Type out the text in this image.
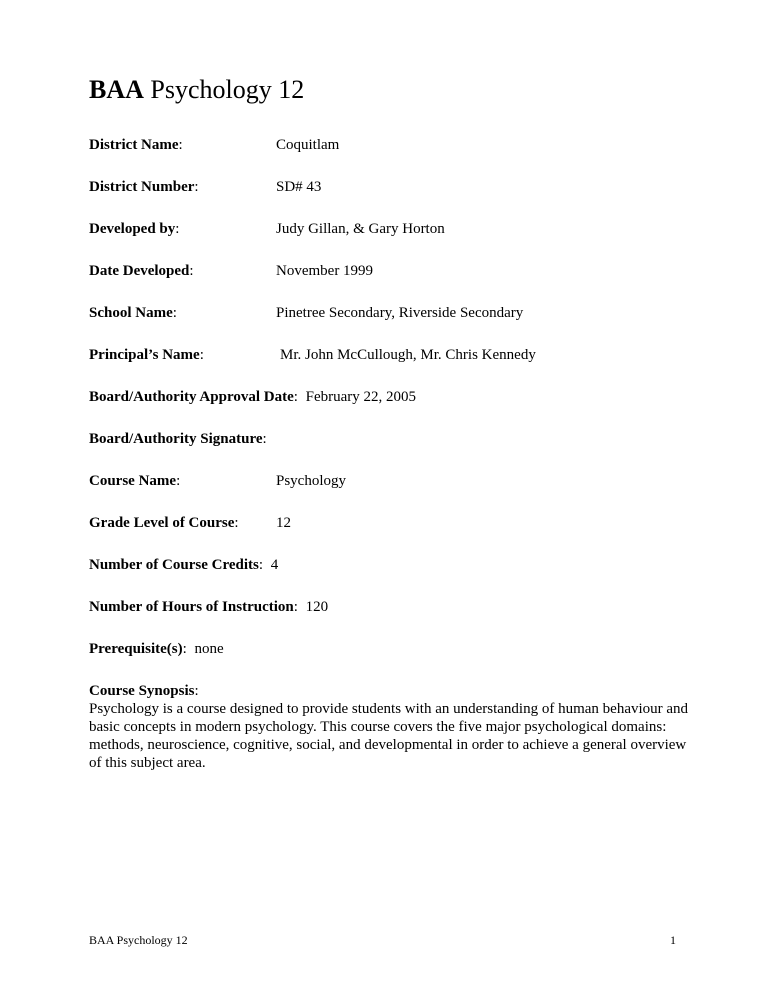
BAA Psychology 12
District Name:	Coquitlam
District Number:	SD# 43
Developed by:	Judy Gillan, & Gary Horton
Date Developed:	November 1999
School Name:	Pinetree Secondary, Riverside Secondary
Principal’s Name:	Mr. John McCullough, Mr. Chris Kennedy
Board/Authority Approval Date: February 22, 2005
Board/Authority Signature:
Course Name:	Psychology
Grade Level of Course: 12
Number of Course Credits: 4
Number of Hours of Instruction: 120
Prerequisite(s): none
Course Synopsis:
Psychology is a course designed to provide students with an understanding of human behaviour and basic concepts in modern psychology. This course covers the five major psychological domains: methods, neuroscience, cognitive, social, and developmental in order to achieve a general overview of this subject area.
BAA Psychology 12	1
